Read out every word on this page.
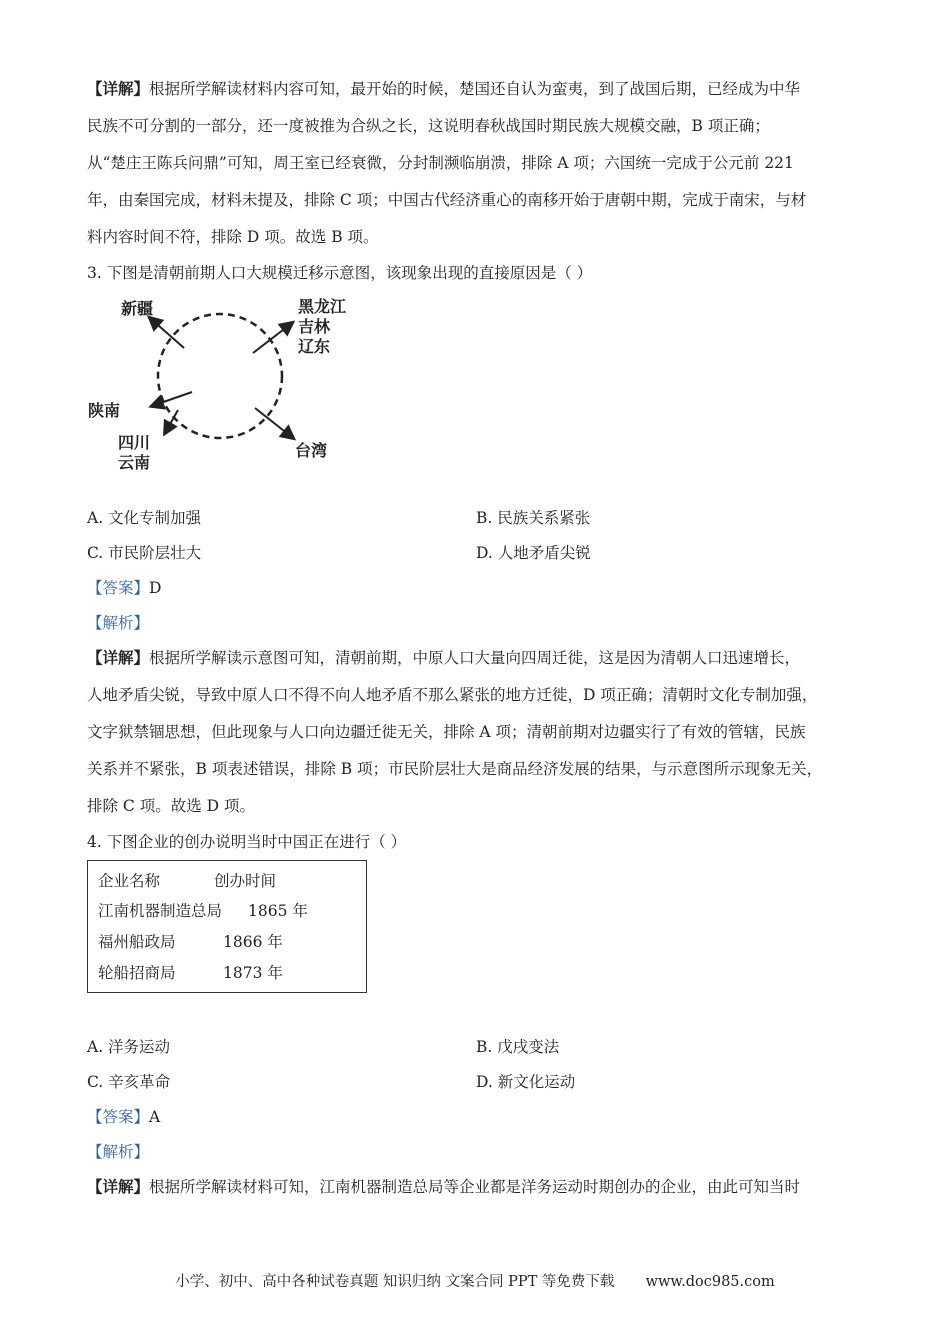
【详解】根据所学解读材料内容可知，最开始的时候，楚国还自认为蛮夷，到了战国后期，已经成为中华
民族不可分割的一部分，还一度被推为合纵之长，这说明春秋战国时期民族大规模交融，B 项正确；
从“楚庄王陈兵问鼎”可知，周王室已经衰微，分封制濒临崩溃，排除 A 项；六国统一完成于公元前 221
年，由秦国完成，材料未提及，排除 C 项；中国古代经济重心的南移开始于唐朝中期，完成于南宋，与材
料内容时间不符，排除 D 项。故选 B 项。
3. 下图是清朝前期人口大规模迁移示意图，该现象出现的直接原因是（ ）
新疆	黑龙江
吉林
辽东
陕南
四川
云南
台湾
A. 文化专制加强	B. 民族关系紧张
C. 市民阶层壮大	D. 人地矛盾尖锐
【答案】D
【解析】
【详解】根据所学解读示意图可知，清朝前期，中原人口大量向四周迁徙，这是因为清朝人口迅速增长，
人地矛盾尖锐，导致中原人口不得不向人地矛盾不那么紧张的地方迁徙，D 项正确；清朝时文化专制加强，
文字狱禁锢思想，但此现象与人口向边疆迁徙无关，排除 A 项；清朝前期对边疆实行了有效的管辖，民族
关系并不紧张，B 项表述错误，排除 B 项；市民阶层壮大是商品经济发展的结果，与示意图所示现象无关，
排除 C 项。故选 D 项。
4. 下图企业的创办说明当时中国正在进行（ ）
企业名称	创办时间
江南机器制造总局 1865 年
福州船政局	1866 年
轮船招商局	1873 年
A. 洋务运动	B. 戊戌变法
C. 辛亥革命	D. 新文化运动
【答案】A
【解析】
【详解】根据所学解读材料可知，江南机器制造总局等企业都是洋务运动时期创办的企业，由此可知当时
小学、初中、高中各种试卷真题 知识归纳 文案合同 PPT 等免费下载 www.doc985.com
